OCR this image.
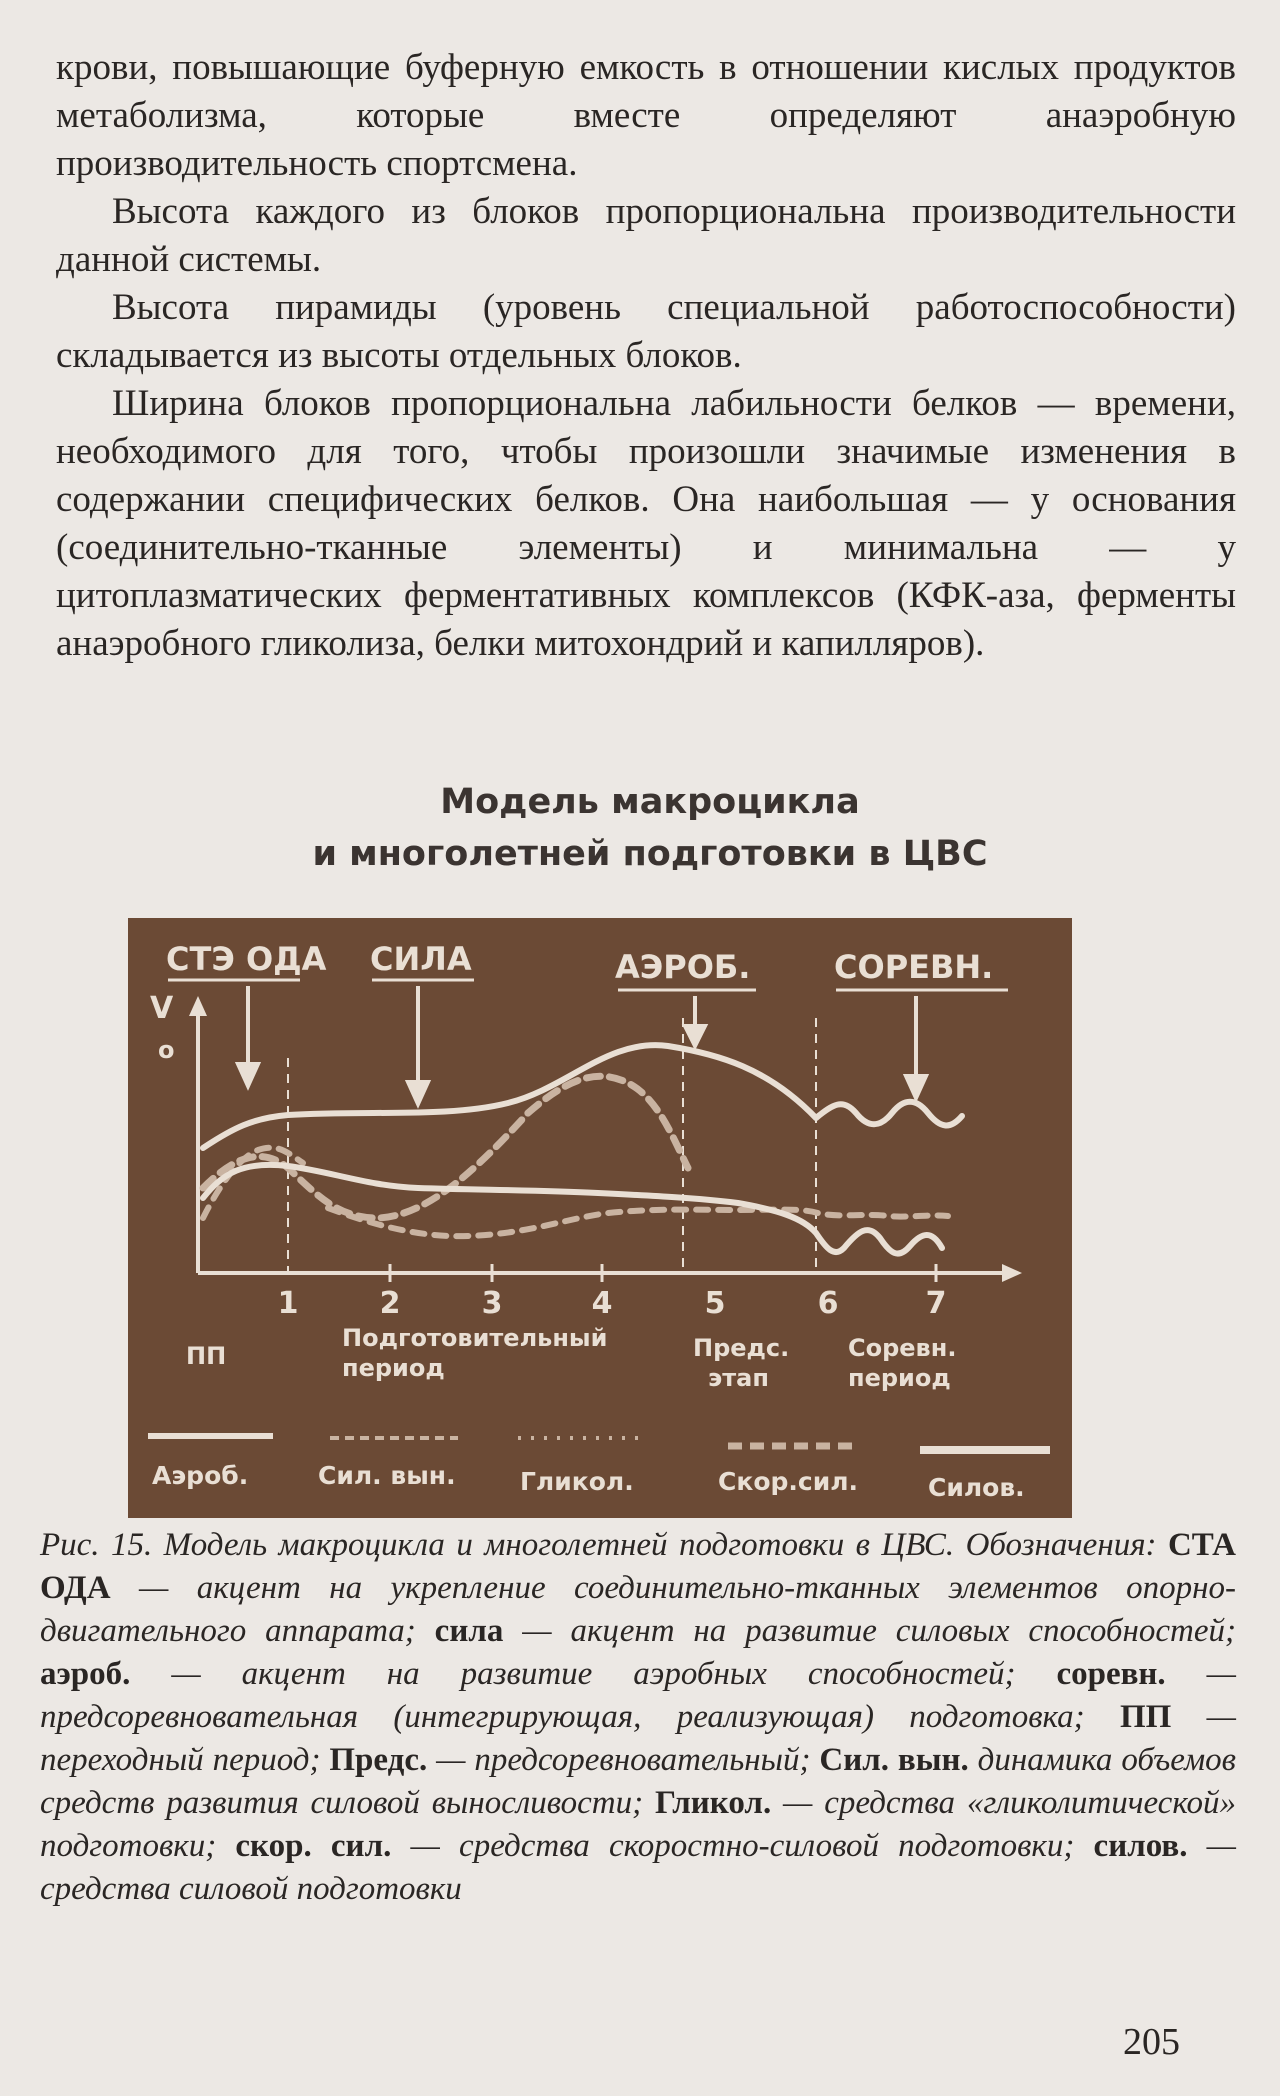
крови, повышающие буферную емкость в отношении кислых продуктов метаболизма, которые вместе определяют анаэробную производительность спортсмена.

Высота каждого из блоков пропорциональна производительности данной системы.

Высота пирамиды (уровень специальной работоспособности) складывается из высоты отдельных блоков.

Ширина блоков пропорциональна лабильности белков — времени, необходимого для того, чтобы произошли значимые изменения в содержании специфических белков. Она наибольшая — у основания (соединительно-тканные элементы) и минимальна — у цитоплазматических ферментативных комплексов (КФК-аза, ферменты анаэробного гликолиза, белки митохондрий и капилляров).

Модель макроцикла
и многолетней подготовки в ЦВС
V
o
1	2	3	4	5	6	7
СТЭ ОДА СИЛА	АЭРОБ.	СОРЕВН.
ПП
Подготовительный
период
Предс.
этап
Соревн.
период
Аэроб.	Сил. вын.	Гликол.	Скор.сил.	Силов.
Рис. 15. Модель макроцикла и многолетней подготовки в ЦВС. Обозначения: СТА ОДА — акцент на укрепление соединительно-тканных элементов опорно-двигательного аппарата; сила — акцент на развитие силовых способностей; аэроб. — акцент на развитие аэробных способностей; соревн. — предсоревновательная (интегрирующая, реализующая) подготовка; ПП — переходный период; Предс. — предсоревновательный; Сил. вын. динамика объемов средств развития силовой выносливости; Гликол. — средства «гликолитической» подготовки; скор. сил. — средства скоростно-силовой подготовки; силов. — средства силовой подготовки
205
